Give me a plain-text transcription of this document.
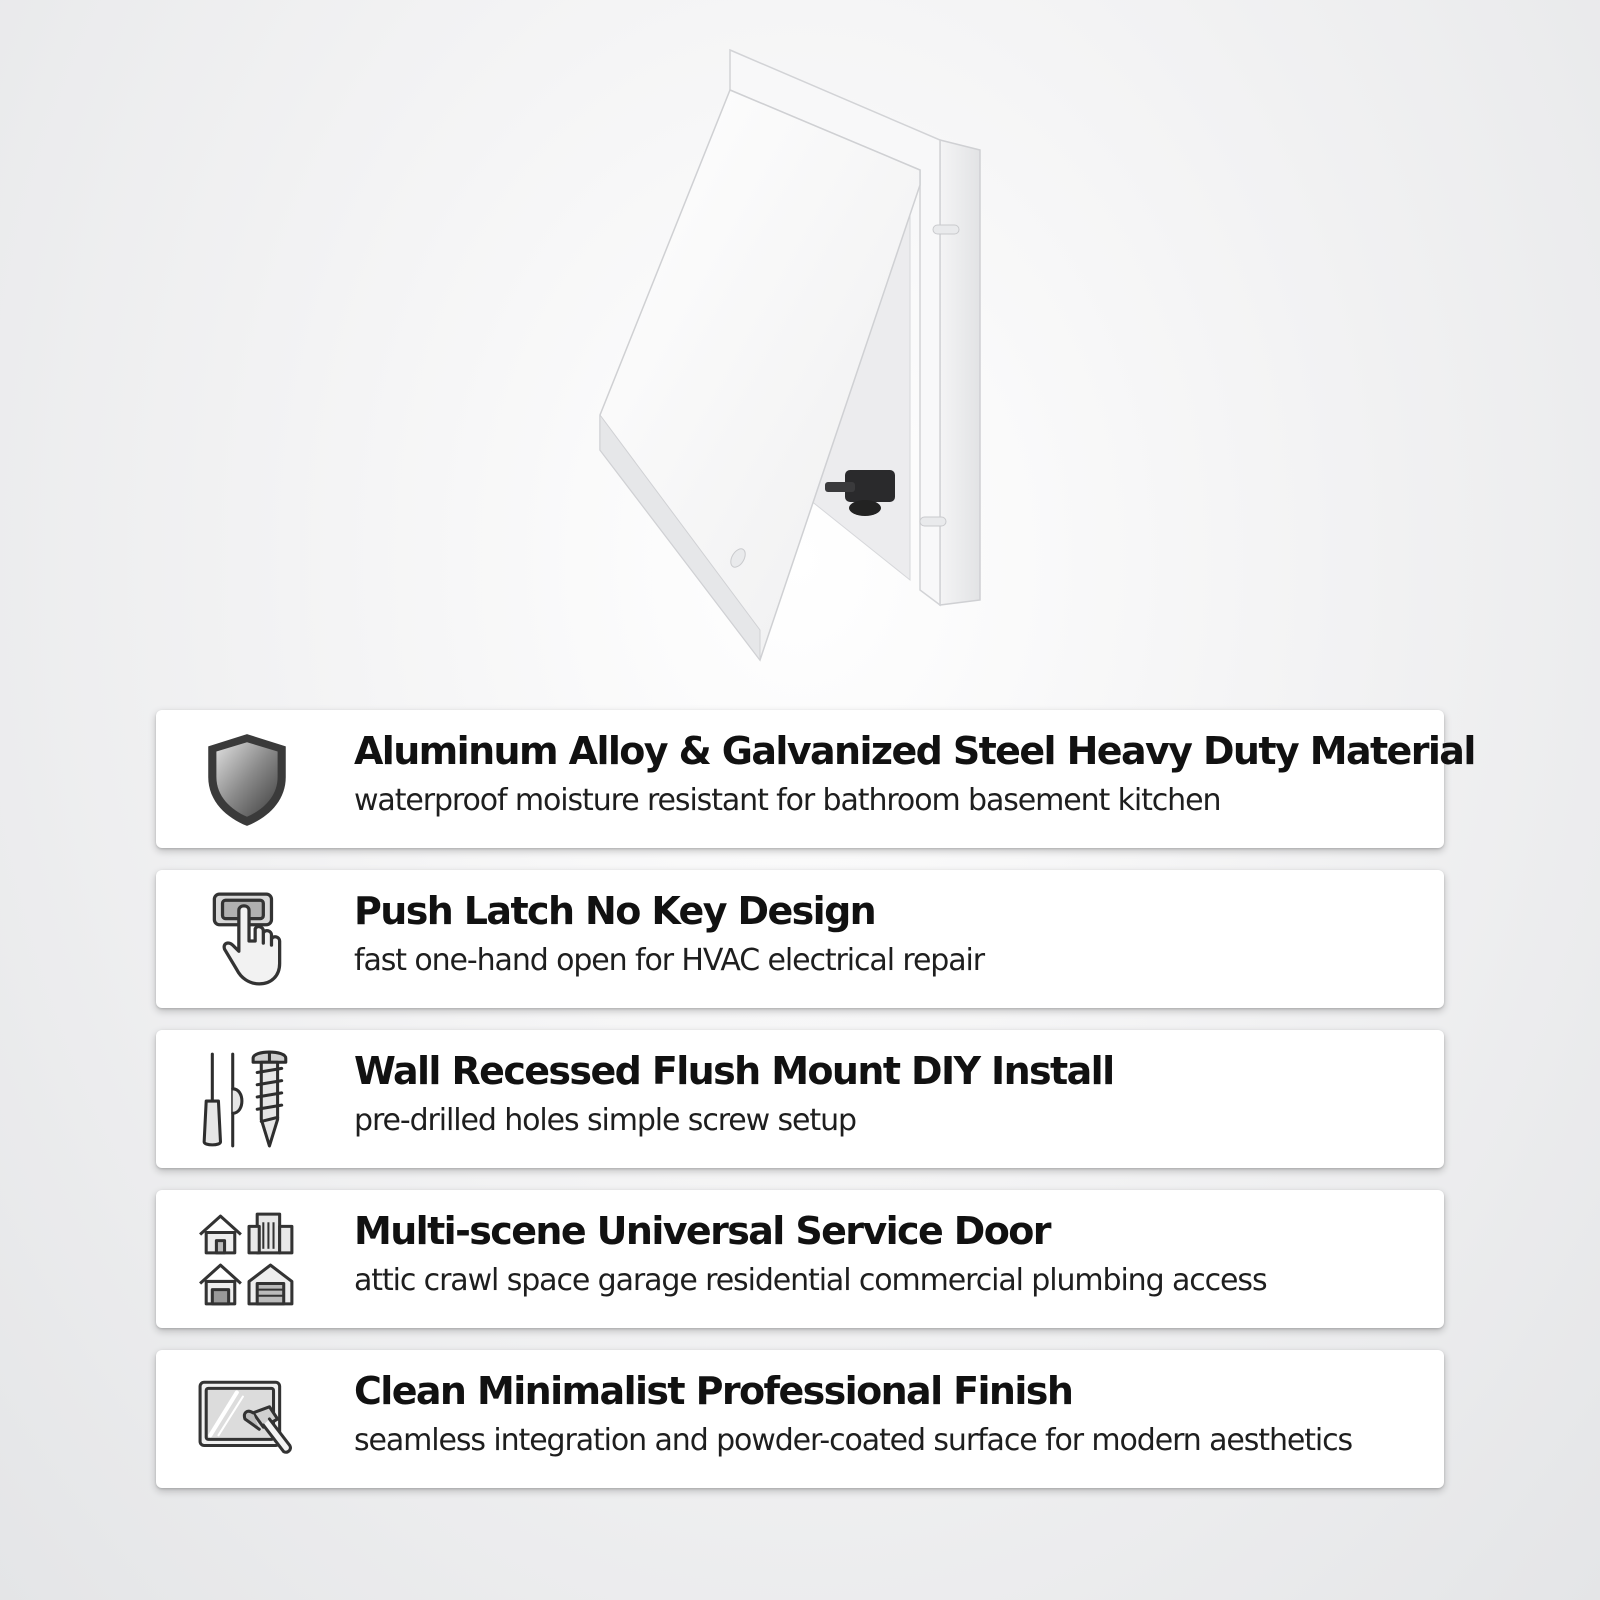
Aluminum Alloy & Galvanized Steel Heavy Duty Material
waterproof moisture resistant for bathroom basement kitchen
Push Latch No Key Design
fast one-hand open for HVAC electrical repair
Wall Recessed Flush Mount DIY Install
pre-drilled holes simple screw setup
Multi-scene Universal Service Door
attic crawl space garage residential commercial plumbing access
Clean Minimalist Professional Finish
seamless integration and powder-coated surface for modern aesthetics
